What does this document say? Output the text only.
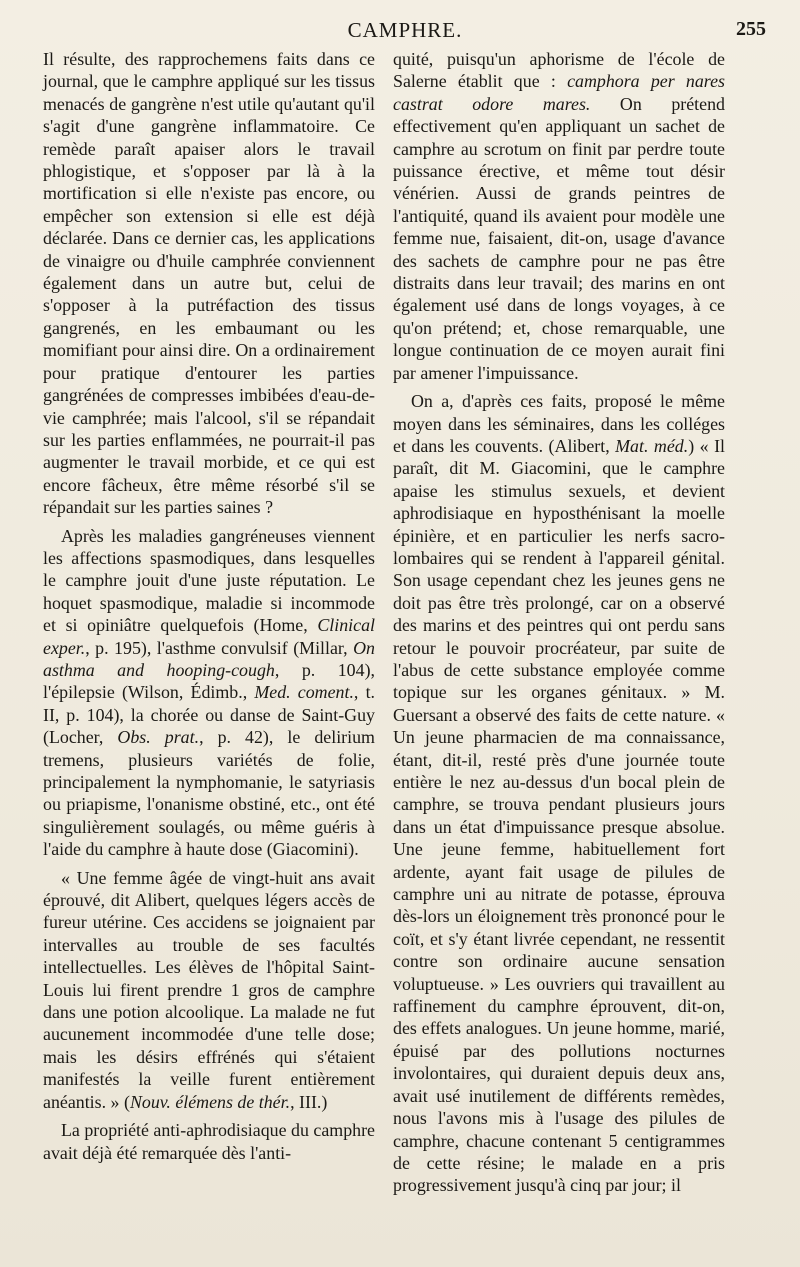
CAMPHRE.	255

Il résulte, des rapprochemens faits dans ce journal, que le camphre appliqué sur les tissus menacés de gangrène n'est utile qu'autant qu'il s'agit d'une gangrène inflammatoire. Ce remède paraît apaiser alors le travail phlogistique, et s'opposer par là à la mortification si elle n'existe pas encore, ou empêcher son extension si elle est déjà déclarée. Dans ce dernier cas, les applications de vinaigre ou d'huile camphrée conviennent également dans un autre but, celui de s'opposer à la putréfaction des tissus gangrenés, en les embaumant ou les momifiant pour ainsi dire. On a ordinairement pour pratique d'entourer les parties gangrénées de compresses imbibées d'eau-de-vie camphrée; mais l'alcool, s'il se répandait sur les parties enflammées, ne pourrait-il pas augmenter le travail morbide, et ce qui est encore fâcheux, être même résorbé s'il se répandait sur les parties saines ?

Après les maladies gangréneuses viennent les affections spasmodiques, dans lesquelles le camphre jouit d'une juste réputation. Le hoquet spasmodique, maladie si incommode et si opiniâtre quelquefois (Home, Clinical exper., p. 195), l'asthme convulsif (Millar, On asthma and hooping-cough, p. 104), l'épilepsie (Wilson, Édimb., Med. coment., t. II, p. 104), la chorée ou danse de Saint-Guy (Locher, Obs. prat., p. 42), le delirium tremens, plusieurs variétés de folie, principalement la nymphomanie, le satyriasis ou priapisme, l'onanisme obstiné, etc., ont été singulièrement soulagés, ou même guéris à l'aide du camphre à haute dose (Giacomini).

« Une femme âgée de vingt-huit ans avait éprouvé, dit Alibert, quelques légers accès de fureur utérine. Ces accidens se joignaient par intervalles au trouble de ses facultés intellectuelles. Les élèves de l'hôpital Saint-Louis lui firent prendre 1 gros de camphre dans une potion alcoolique. La malade ne fut aucunement incommodée d'une telle dose; mais les désirs effrénés qui s'étaient manifestés la veille furent entièrement anéantis. » (Nouv. élémens de thér., III.)

La propriété anti-aphrodisiaque du camphre avait déjà été remarquée dès l'anti-

quité, puisqu'un aphorisme de l'école de Salerne établit que : camphora per nares castrat odore mares. On prétend effectivement qu'en appliquant un sachet de camphre au scrotum on finit par perdre toute puissance érective, et même tout désir vénérien. Aussi de grands peintres de l'antiquité, quand ils avaient pour modèle une femme nue, faisaient, dit-on, usage d'avance des sachets de camphre pour ne pas être distraits dans leur travail; des marins en ont également usé dans de longs voyages, à ce qu'on prétend; et, chose remarquable, une longue continuation de ce moyen aurait fini par amener l'impuissance.

On a, d'après ces faits, proposé le même moyen dans les séminaires, dans les colléges et dans les couvents. (Alibert, Mat. méd.) « Il paraît, dit M. Giacomini, que le camphre apaise les stimulus sexuels, et devient aphrodisiaque en hyposthénisant la moelle épinière, et en particulier les nerfs sacro-lombaires qui se rendent à l'appareil génital. Son usage cependant chez les jeunes gens ne doit pas être très prolongé, car on a observé des marins et des peintres qui ont perdu sans retour le pouvoir procréateur, par suite de l'abus de cette substance employée comme topique sur les organes génitaux. » M. Guersant a observé des faits de cette nature. « Un jeune pharmacien de ma connaissance, étant, dit-il, resté près d'une journée toute entière le nez au-dessus d'un bocal plein de camphre, se trouva pendant plusieurs jours dans un état d'impuissance presque absolue. Une jeune femme, habituellement fort ardente, ayant fait usage de pilules de camphre uni au nitrate de potasse, éprouva dès-lors un éloignement très prononcé pour le coït, et s'y étant livrée cependant, ne ressentit contre son ordinaire aucune sensation voluptueuse. » Les ouvriers qui travaillent au raffinement du camphre éprouvent, dit-on, des effets analogues. Un jeune homme, marié, épuisé par des pollutions nocturnes involontaires, qui duraient depuis deux ans, avait usé inutilement de différents remèdes, nous l'avons mis à l'usage des pilules de camphre, chacune contenant 5 centigrammes de cette résine; le malade en a pris progressivement jusqu'à cinq par jour; il
